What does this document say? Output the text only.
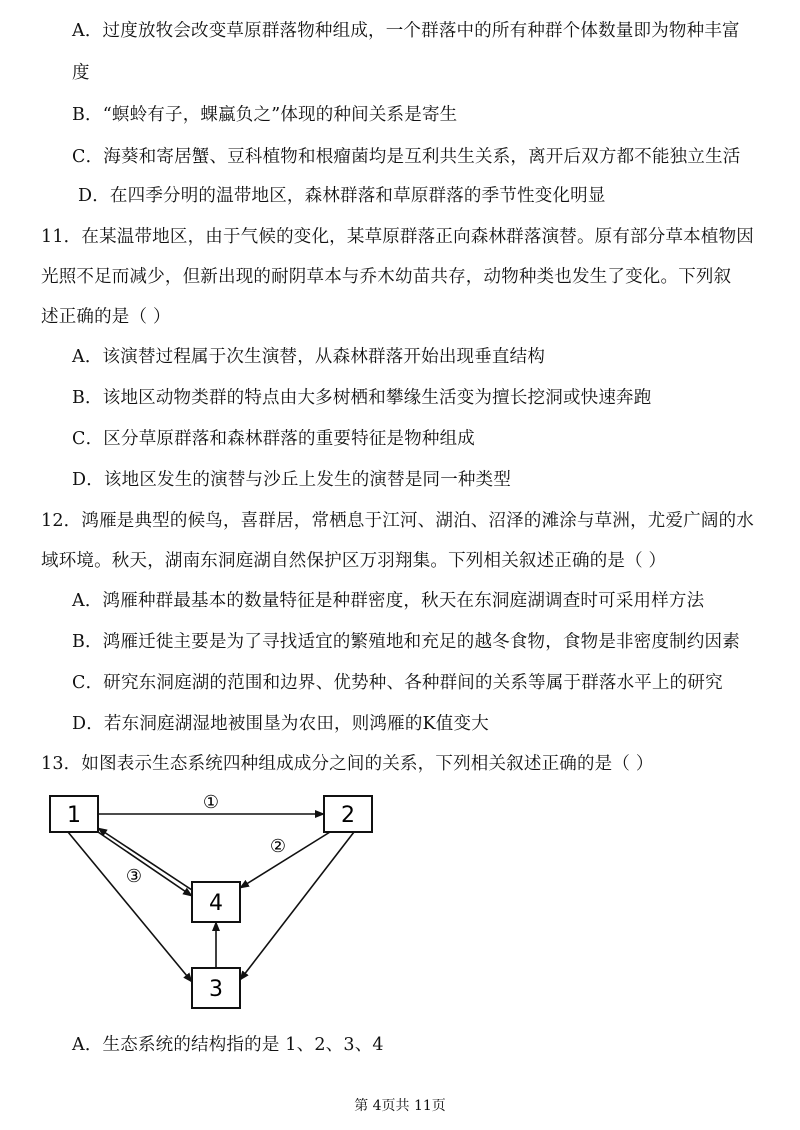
A．过度放牧会改变草原群落物种组成，一个群落中的所有种群个体数量即为物种丰富
度
B．“螟蛉有子，蜾蠃负之”体现的种间关系是寄生
C．海葵和寄居蟹、豆科植物和根瘤菌均是互利共生关系，离开后双方都不能独立生活
D．在四季分明的温带地区，森林群落和草原群落的季节性变化明显
11．在某温带地区，由于气候的变化，某草原群落正向森林群落演替。原有部分草本植物因
光照不足而减少，但新出现的耐阴草本与乔木幼苗共存，动物种类也发生了变化。下列叙
述正确的是（ ）
A．该演替过程属于次生演替，从森林群落开始出现垂直结构
B．该地区动物类群的特点由大多树栖和攀缘生活变为擅长挖洞或快速奔跑
C．区分草原群落和森林群落的重要特征是物种组成
D．该地区发生的演替与沙丘上发生的演替是同一种类型
12．鸿雁是典型的候鸟，喜群居，常栖息于江河、湖泊、沼泽的滩涂与草洲，尤爱广阔的水
域环境。秋天，湖南东洞庭湖自然保护区万羽翔集。下列相关叙述正确的是（ ）
A．鸿雁种群最基本的数量特征是种群密度，秋天在东洞庭湖调查时可采用样方法
B．鸿雁迁徙主要是为了寻找适宜的繁殖地和充足的越冬食物，食物是非密度制约因素
C．研究东洞庭湖的范围和边界、优势种、各种群间的关系等属于群落水平上的研究
D．若东洞庭湖湿地被围垦为农田，则鸿雁的K值变大
13．如图表示生态系统四种组成成分之间的关系，下列相关叙述正确的是（ ）
1	2
4
3
①
②
③
A．生态系统的结构指的是 1、2、3、4
第 4页共 11页
